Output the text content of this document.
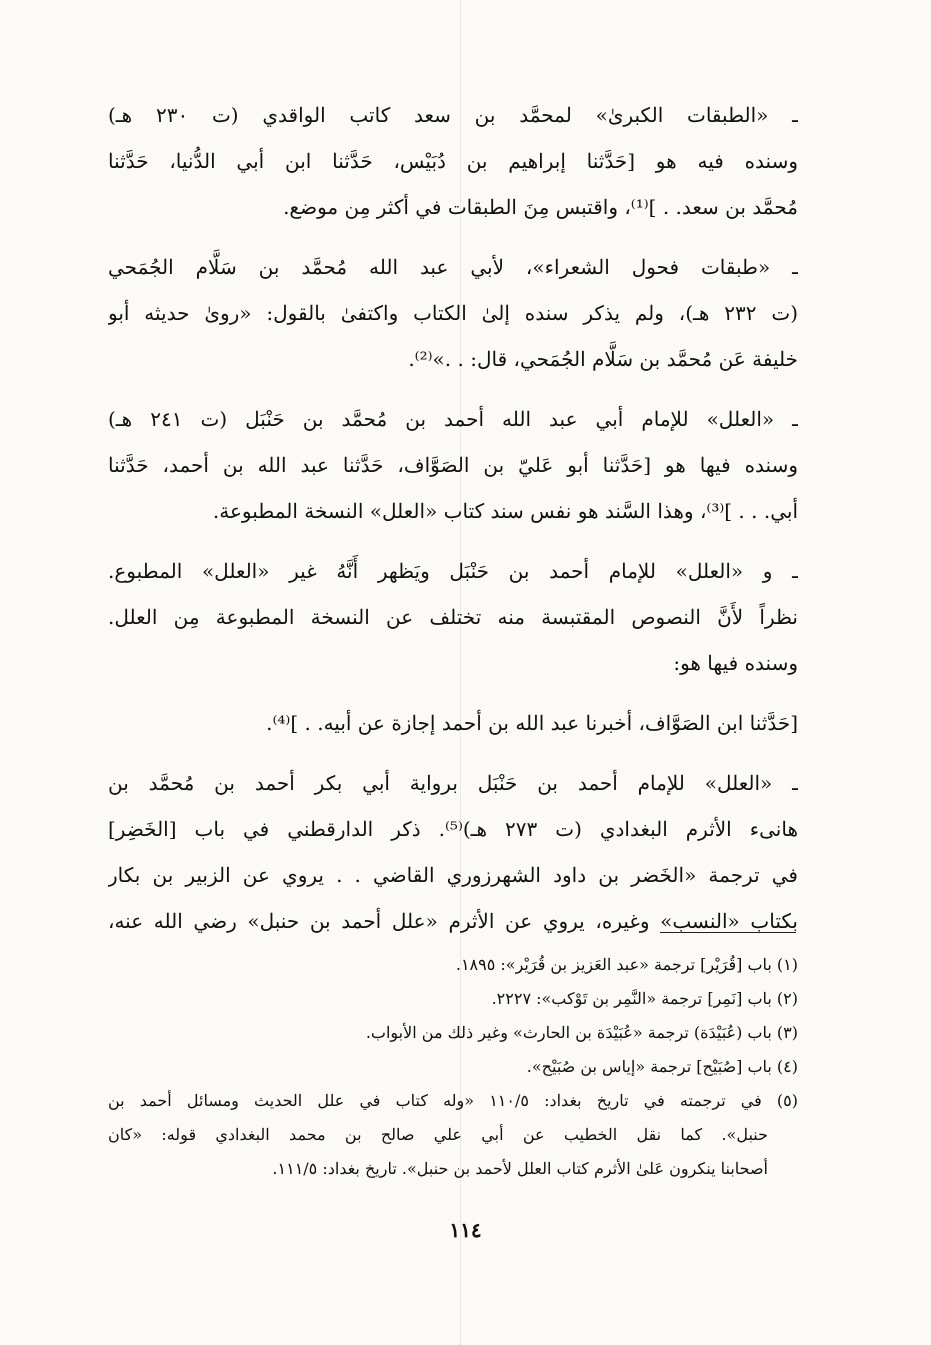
ـ «الطبقات الكبرىٰ» لمحمَّد بن سعد كاتب الواقدي (ت ٢٣٠ هـ)
وسنده فيه هو [حَدَّثنا إبراهيم بن دُبَيْس، حَدَّثنا ابن أبي الدُّنيا، حَدَّثنا
مُحمَّد بن سعد. . ]⁽¹⁾، واقتبس مِنَ الطبقات في أكثر مِن موضع.
ـ «طبقات فحول الشعراء»، لأبي عبد الله مُحمَّد بن سَلَّام الجُمَحي
(ت ٢٣٢ هـ)، ولم يذكر سنده إلىٰ الكتاب واكتفىٰ بالقول: «روىٰ حديثه أبو
خليفة عَن مُحمَّد بن سَلَّام الجُمَحي، قال: . .»⁽²⁾.
ـ «العلل» للإمام أبي عبد الله أحمد بن مُحمَّد بن حَنْبَل (ت ٢٤١ هـ)
وسنده فيها هو [حَدَّثنا أبو عَليّ بن الصَوَّاف، حَدَّثنا عبد الله بن أحمد، حَدَّثنا
أبي. . . ]⁽³⁾، وهذا السَّند هو نفس سند كتاب «العلل» النسخة المطبوعة.
ـ و «العلل» للإمام أحمد بن حَنْبَل ويَظهر أَنَّهُ غير «العلل» المطبوع.
نظراً لأَنَّ النصوص المقتبسة منه تختلف عن النسخة المطبوعة مِن العلل.
وسنده فيها هو:
[حَدَّثنا ابن الصَوَّاف، أخبرنا عبد الله بن أحمد إجازة عن أبيه. . ]⁽⁴⁾.
ـ «العلل» للإمام أحمد بن حَنْبَل برواية أبي بكر أحمد بن مُحمَّد بن
هانىء الأثرم البغدادي (ت ٢٧٣ هـ)⁽⁵⁾. ذكر الدارقطني في باب [الخَضِر]
في ترجمة «الخَضر بن داود الشهرزوري القاضي . . يروي عن الزبير بن بكار
بكتاب «النسب» وغيره، يروي عن الأثرم «علل أحمد بن حنبل» رضي الله عنه،
(١) باب [قُرَيْر] ترجمة «عبد العَزيز بن قُرَيْر»: ١٨٩٥.
(٢) باب [نَمِر] ترجمة «النَّمِر بن تَوْكب»: ٢٢٢٧.
(٣) باب (عُبَيْدَة) ترجمة «عُبَيْدَة بن الحارث» وغير ذلك من الأبواب.
(٤) باب [صُبَيْح] ترجمة «إياس بن صُبَيْح».
(٥) في ترجمته في تاريخ بغداد: ١١٠/٥ «وله كتاب في علل الحديث ومسائل أحمد بن
حنبل». كما نقل الخطيب عن أبي علي صالح بن محمد البغدادي قوله: «كان
أصحابنا ينكرون عَلىٰ الأثرم كتاب العلل لأحمد بن حنبل». تاريخ بغداد: ١١١/٥.
١١٤
